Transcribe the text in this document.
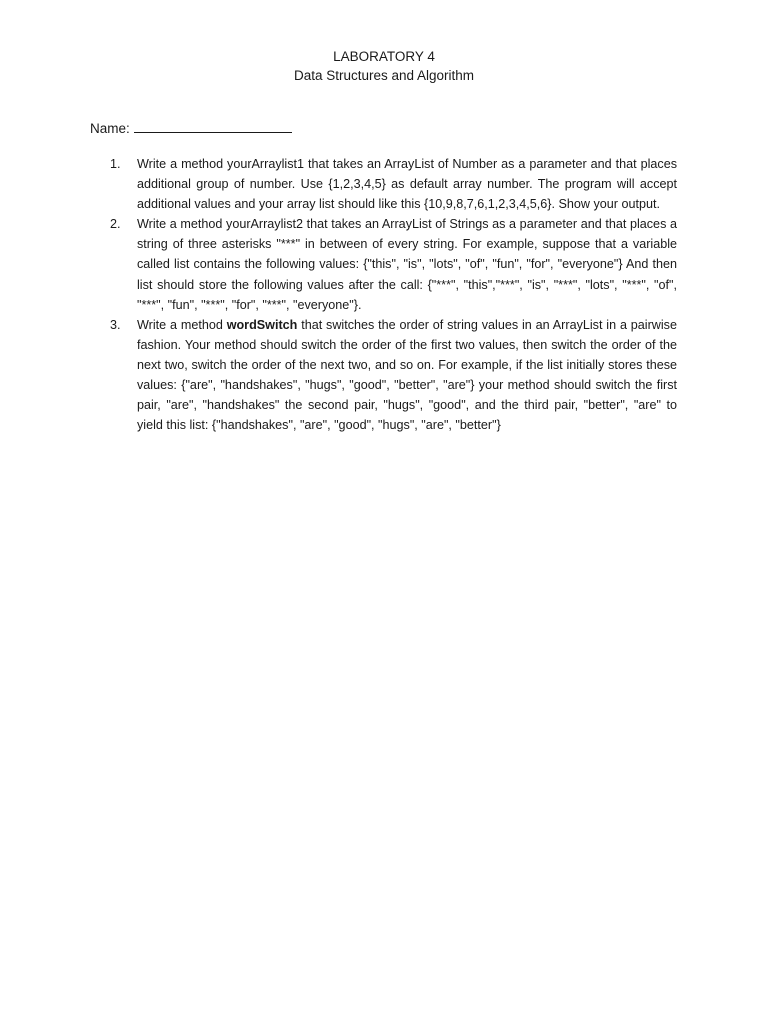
LABORATORY 4
Data Structures and Algorithm
Name:
1.	Write a method yourArraylist1 that takes an ArrayList of Number as a parameter and that places additional group of number. Use {1,2,3,4,5} as default array number. The program will accept additional values and your array list should like this {10,9,8,7,6,1,2,3,4,5,6}. Show your output.
2.	Write a method yourArraylist2 that takes an ArrayList of Strings as a parameter and that places a string of three asterisks "***" in between of every string. For example, suppose that a variable called list contains the following values: {"this", "is", "lots", "of", "fun", "for", "everyone"} And then list should store the following values after the call: {"***", "this","***", "is", "***", "lots", "***", "of", "***", "fun", "***", "for", "***", "everyone"}.
3.	Write a method wordSwitch that switches the order of string values in an ArrayList in a pairwise fashion. Your method should switch the order of the first two values, then switch the order of the next two, switch the order of the next two, and so on. For example, if the list initially stores these values: {"are", "handshakes", "hugs", "good", "better", "are"} your method should switch the first pair, "are", "handshakes" the second pair, "hugs", "good", and the third pair, "better", "are" to yield this list: {"handshakes", "are", "good", "hugs", "are", "better"}
